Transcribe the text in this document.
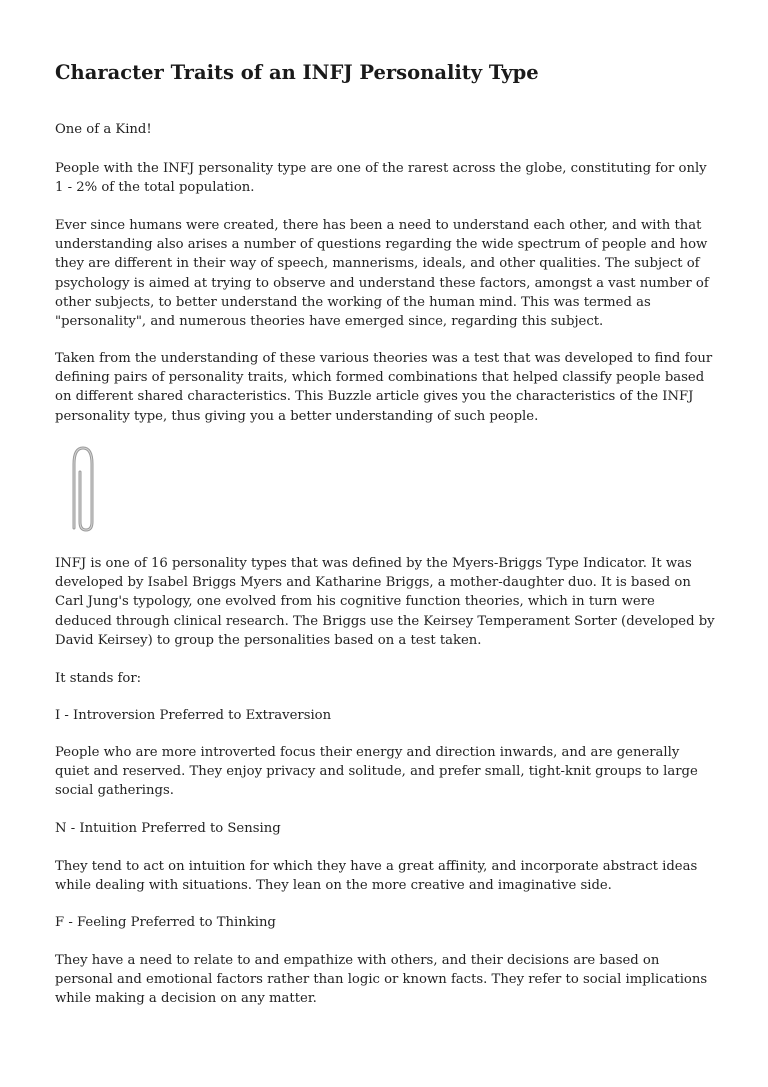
Character Traits of an INFJ Personality Type

One of a Kind!

People with the INFJ personality type are one of the rarest across the globe, constituting for only 1 - 2% of the total population.

Ever since humans were created, there has been a need to understand each other, and with that understanding also arises a number of questions regarding the wide spectrum of people and how they are different in their way of speech, mannerisms, ideals, and other qualities. The subject of psychology is aimed at trying to observe and understand these factors, amongst a vast number of other subjects, to better understand the working of the human mind. This was termed as "personality", and numerous theories have emerged since, regarding this subject.

Taken from the understanding of these various theories was a test that was developed to find four defining pairs of personality traits, which formed combinations that helped classify people based on different shared characteristics. This Buzzle article gives you the characteristics of the INFJ personality type, thus giving you a better understanding of such people.

INFJ is one of 16 personality types that was defined by the Myers-Briggs Type Indicator. It was developed by Isabel Briggs Myers and Katharine Briggs, a mother-daughter duo. It is based on Carl Jung's typology, one evolved from his cognitive function theories, which in turn were deduced through clinical research. The Briggs use the Keirsey Temperament Sorter (developed by David Keirsey) to group the personalities based on a test taken.

It stands for:

I - Introversion Preferred to Extraversion

People who are more introverted focus their energy and direction inwards, and are generally quiet and reserved. They enjoy privacy and solitude, and prefer small, tight-knit groups to large social gatherings.

N - Intuition Preferred to Sensing

They tend to act on intuition for which they have a great affinity, and incorporate abstract ideas while dealing with situations. They lean on the more creative and imaginative side.

F - Feeling Preferred to Thinking

They have a need to relate to and empathize with others, and their decisions are based on personal and emotional factors rather than logic or known facts. They refer to social implications while making a decision on any matter.
